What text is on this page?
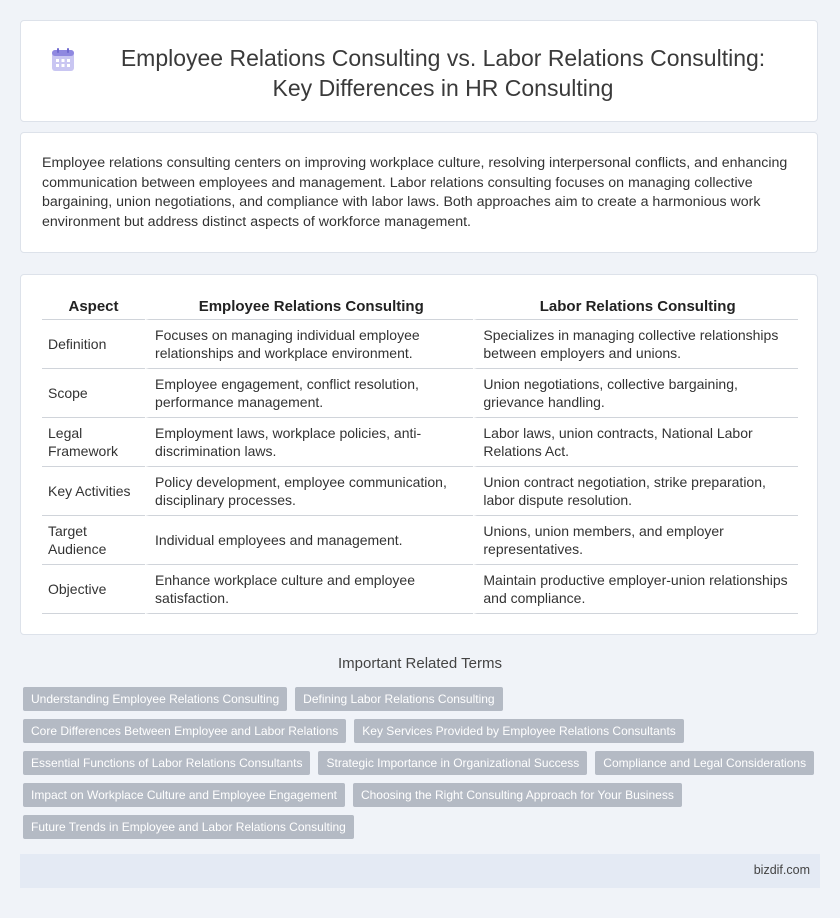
Employee Relations Consulting vs. Labor Relations Consulting: Key Differences in HR Consulting
Employee relations consulting centers on improving workplace culture, resolving interpersonal conflicts, and enhancing communication between employees and management. Labor relations consulting focuses on managing collective bargaining, union negotiations, and compliance with labor laws. Both approaches aim to create a harmonious work environment but address distinct aspects of workforce management.
Aspect	Employee Relations Consulting	Labor Relations Consulting
Definition	Focuses on managing individual employee relationships and workplace environment.	Specializes in managing collective relationships between employers and unions.
Scope	Employee engagement, conflict resolution, performance management.	Union negotiations, collective bargaining, grievance handling.
Legal Framework	Employment laws, workplace policies, anti-discrimination laws.	Labor laws, union contracts, National Labor Relations Act.
Key Activities	Policy development, employee communication, disciplinary processes.	Union contract negotiation, strike preparation, labor dispute resolution.
Target Audience	Individual employees and management.	Unions, union members, and employer representatives.
Objective	Enhance workplace culture and employee satisfaction.	Maintain productive employer-union relationships and compliance.
Important Related Terms
Understanding Employee Relations Consulting	Defining Labor Relations Consulting
Core Differences Between Employee and Labor Relations	Key Services Provided by Employee Relations Consultants
Essential Functions of Labor Relations Consultants	Strategic Importance in Organizational Success	Compliance and Legal Considerations
Impact on Workplace Culture and Employee Engagement	Choosing the Right Consulting Approach for Your Business
Future Trends in Employee and Labor Relations Consulting
bizdif.com
